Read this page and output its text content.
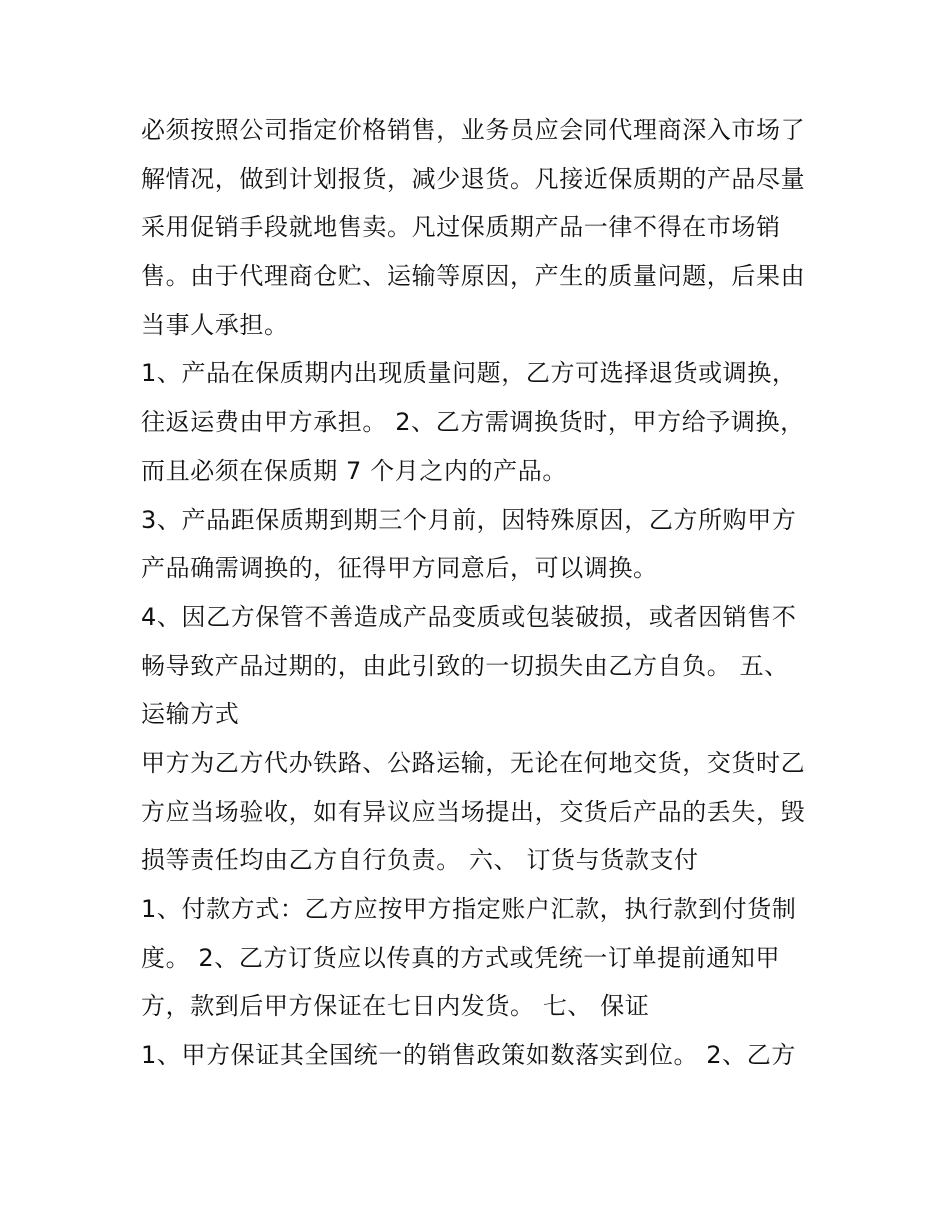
必须按照公司指定价格销售，业务员应会同代理商深入市场了
解情况，做到计划报货，减少退货。凡接近保质期的产品尽量
采用促销手段就地售卖。凡过保质期产品一律不得在市场销
售。由于代理商仓贮、运输等原因，产生的质量问题，后果由
当事人承担。
1、产品在保质期内出现质量问题，乙方可选择退货或调换，
往返运费由甲方承担。 2、乙方需调换货时，甲方给予调换，
而且必须在保质期 7 个月之内的产品。
3、产品距保质期到期三个月前，因特殊原因，乙方所购甲方
产品确需调换的，征得甲方同意后，可以调换。
4、因乙方保管不善造成产品变质或包装破损，或者因销售不
畅导致产品过期的，由此引致的一切损失由乙方自负。 五、
运输方式
甲方为乙方代办铁路、公路运输，无论在何地交货，交货时乙
方应当场验收，如有异议应当场提出，交货后产品的丢失，毁
损等责任均由乙方自行负责。 六、 订货与货款支付
1、付款方式：乙方应按甲方指定账户汇款，执行款到付货制
度。 2、乙方订货应以传真的方式或凭统一订单提前通知甲
方，款到后甲方保证在七日内发货。 七、 保证
1、甲方保证其全国统一的销售政策如数落实到位。 2、乙方
